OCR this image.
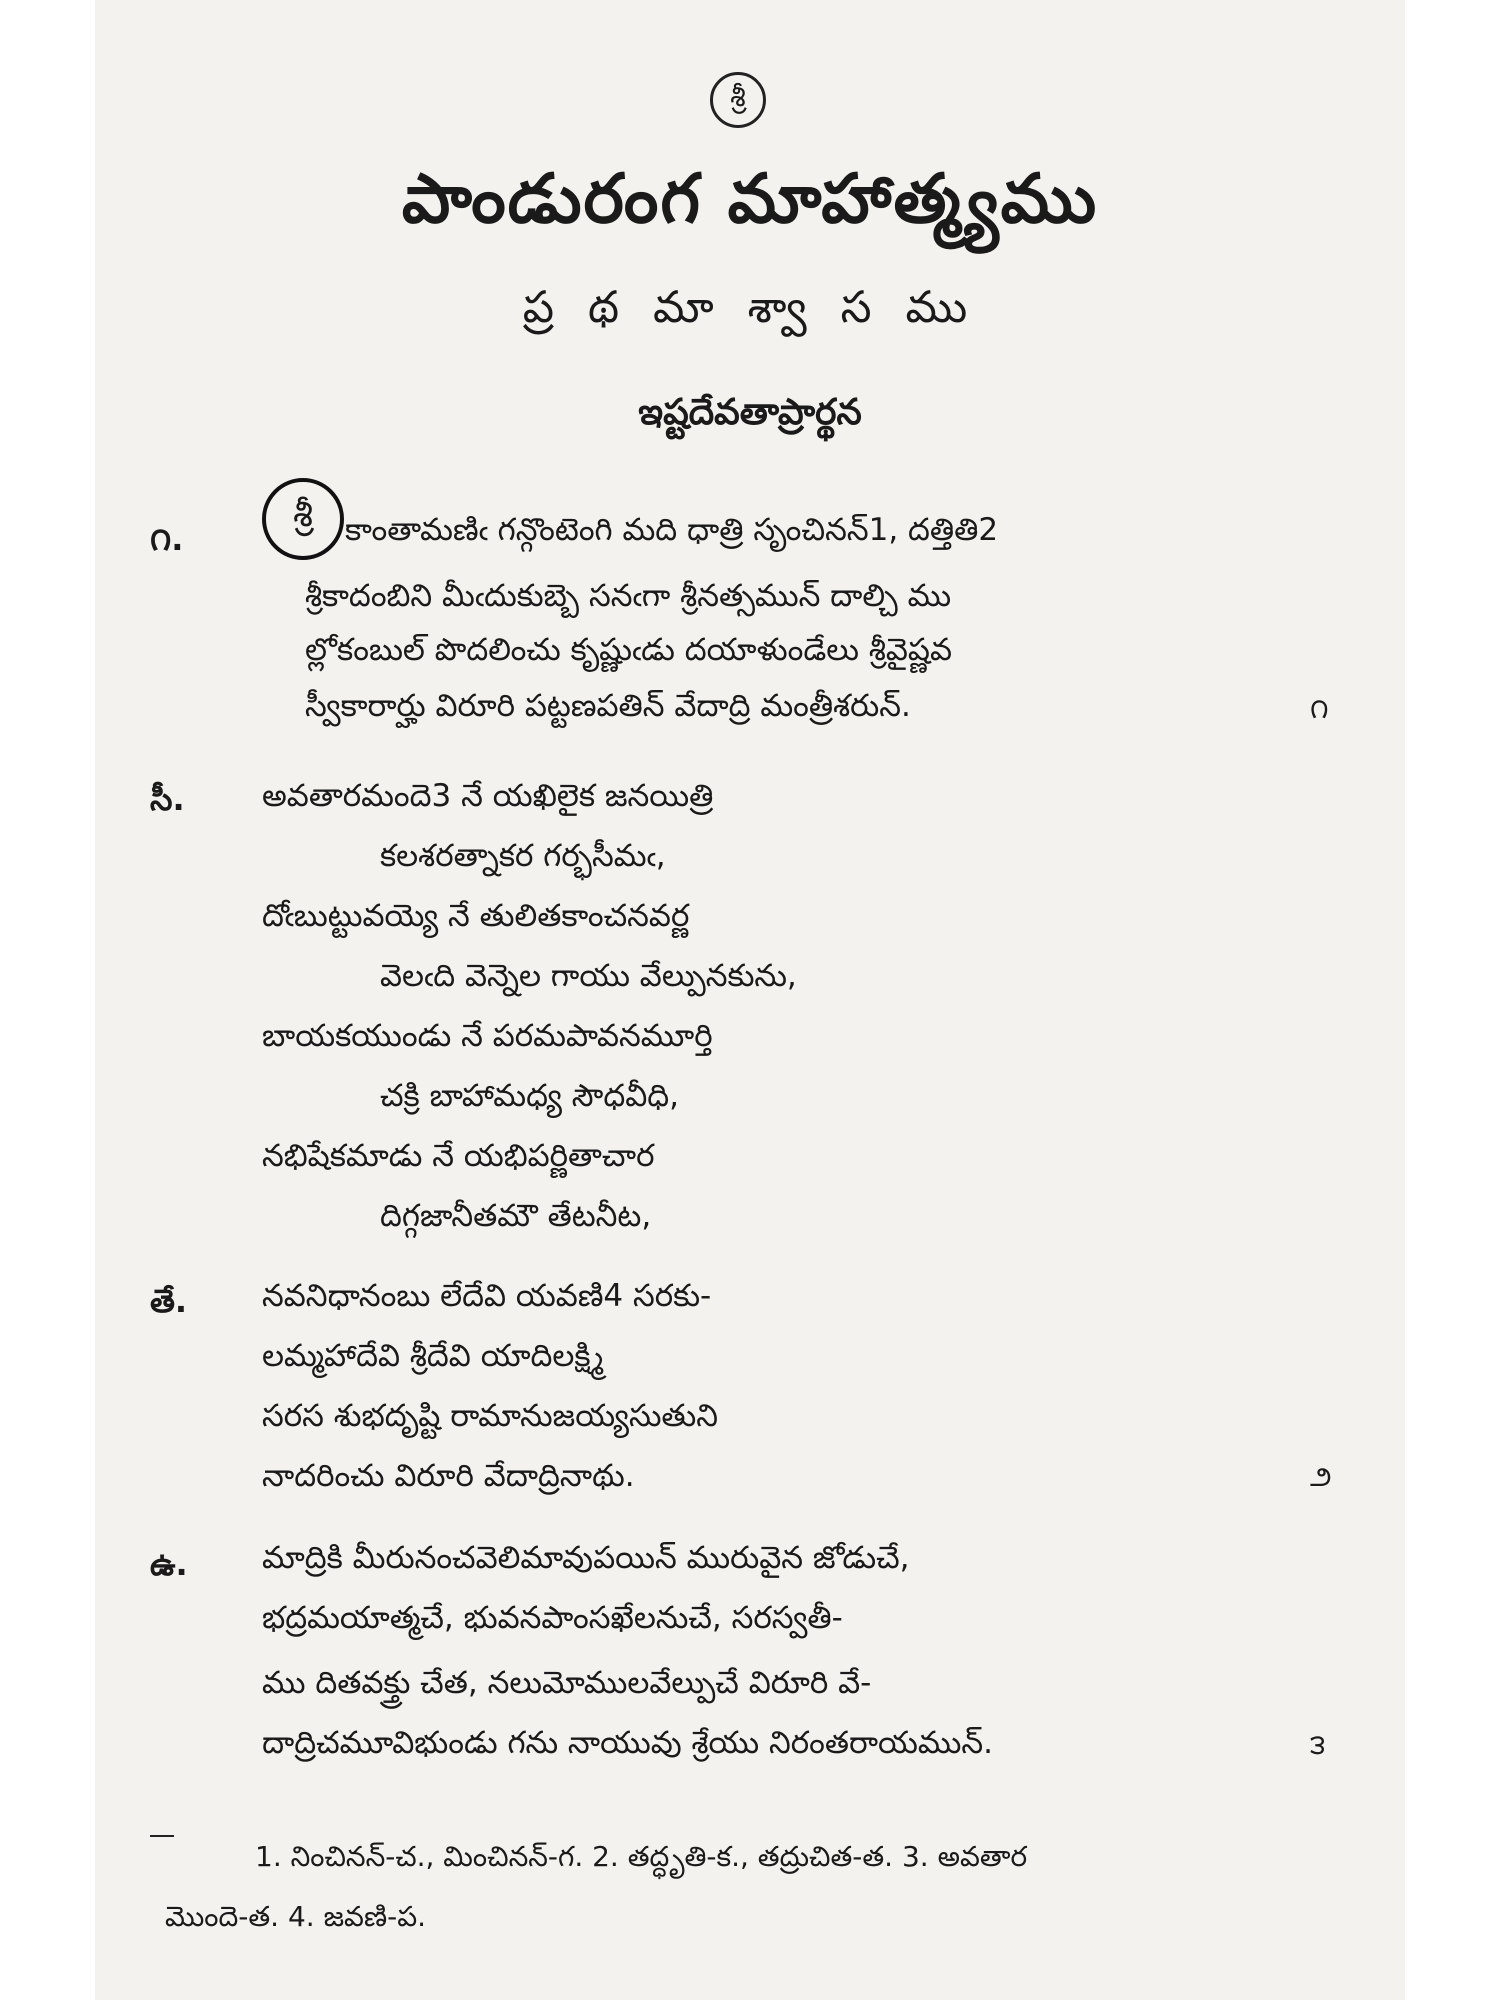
శ్రీ
పాండురంగ మాహాత్మ్యము
ప్ర థ మా శ్వా స ము
ఇష్టదేవతాప్రార్థన
౧.
శ్రీ కాంతామణిఁ గన్గొంటెంగి మది ధాత్రి సృంచినన్1, దత్తితి2
శ్రీకాదంబిని మీఁదుకుబ్బె సనఁగా శ్రీనత్సమున్ దాల్చి ము
ల్లోకంబుల్ పొదలించు కృష్ణుఁడు దయాళుండేలు శ్రీవైష్ణవ
స్వీకారార్హు విరూరి పట్టణపతిన్ వేదాద్రి మంత్రీశరున్.	౧
సీ. అవతారమందె3 నే యఖిలైక జనయిత్రి
కలశరత్నాకర గర్భసీమఁ,
దోఁబుట్టువయ్యె నే తులితకాంచనవర్ణ
వెలఁది వెన్నెల గాయు వేల్పునకును,
బాయకయుండు నే పరమపావనమూర్తి
చక్రి బాహామధ్య సౌధవీధి,
నభిషేకమాడు నే యభిపర్ణితాచార
దిగ్గజానీతమౌ తేటనీట,
తే. నవనిధానంబు లేదేవి యవణి4 సరకు-
లమ్మహాదేవి శ్రీదేవి యాదిలక్ష్మి
సరస శుభదృష్టి రామానుజయ్యసుతుని
నాదరించు విరూరి వేదాద్రినాథు.	౨
ఉ. మాద్రికి మీరునంచవెలిమావుపయిన్ మురువైన జోడుచే,
భద్రమయాత్మచే, భువనపాంసఖేలనుచే, సరస్వతీ-
ము దితవక్త్రు చేత, నలుమోములవేల్పుచే విరూరి వే-
దాద్రిచమూవిభుండు గను నాయువు శ్రేయు నిరంతరాయమున్.	౩
1. నించినన్-చ., మించినన్-గ. 2. తద్ధృతి-క., తద్రుచిత-త. 3. అవతార
మొందె-త. 4. జవణి-ప.
